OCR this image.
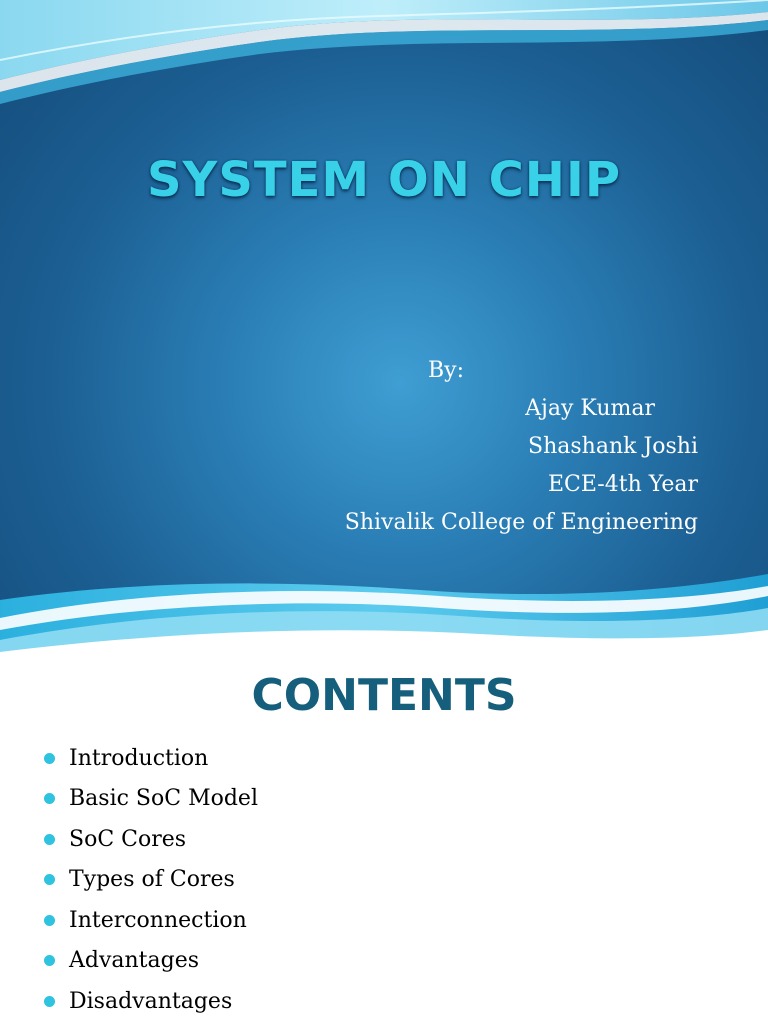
SYSTEM ON CHIP
By:
Ajay Kumar
Shashank Joshi
ECE-4th Year
Shivalik College of Engineering
CONTENTS
Introduction
Basic SoC Model
SoC Cores
Types of Cores
Interconnection
Advantages
Disadvantages
